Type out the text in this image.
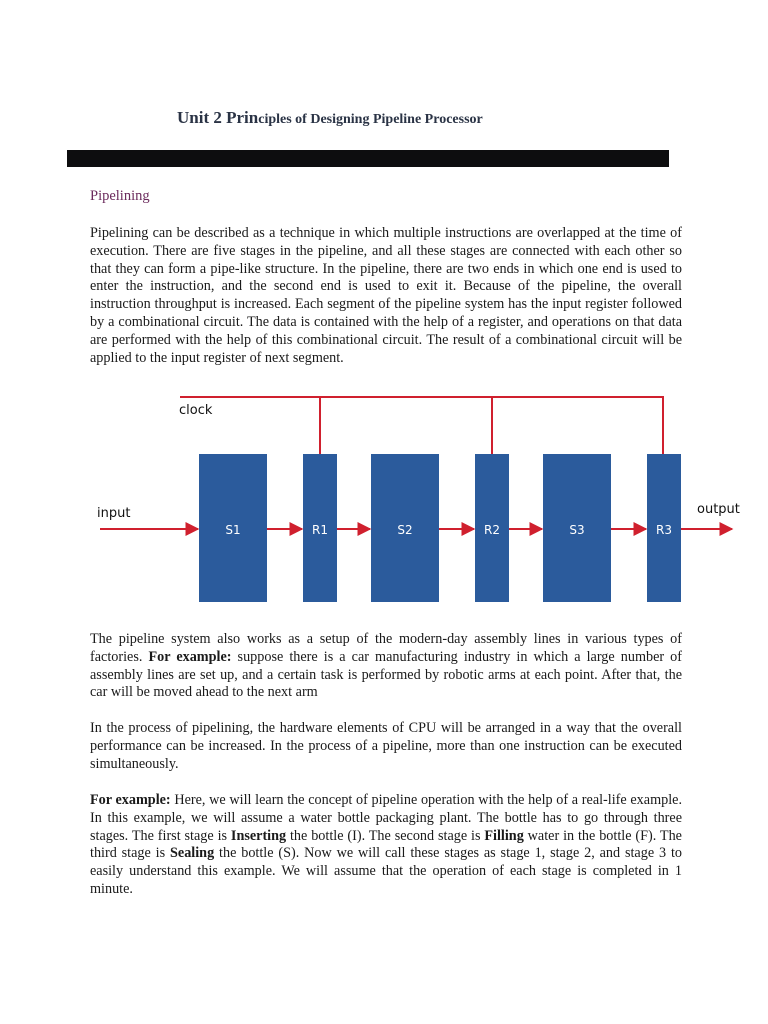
Unit 2 Principles of Designing Pipeline Processor
Pipelining

Pipelining can be described as a technique in which multiple instructions are overlapped at the time of execution. There are five stages in the pipeline, and all these stages are connected with each other so that they can form a pipe-like structure. In the pipeline, there are two ends in which one end is used to enter the instruction, and the second end is used to exit it. Because of the pipeline, the overall instruction throughput is increased. Each segment of the pipeline system has the input register followed by a combinational circuit. The data is contained with the help of a register, and operations on that data are performed with the help of this combinational circuit. The result of a combinational circuit will be applied to the input register of next segment.

clock
S1	R1	S2	R2	S3	R3
input	output

The pipeline system also works as a setup of the modern-day assembly lines in various types of factories. For example: suppose there is a car manufacturing industry in which a large number of assembly lines are set up, and a certain task is performed by robotic arms at each point. After that, the car will be moved ahead to the next arm

In the process of pipelining, the hardware elements of CPU will be arranged in a way that the overall performance can be increased. In the process of a pipeline, more than one instruction can be executed simultaneously.

For example: Here, we will learn the concept of pipeline operation with the help of a real-life example. In this example, we will assume a water bottle packaging plant. The bottle has to go through three stages. The first stage is Inserting the bottle (I). The second stage is Filling water in the bottle (F). The third stage is Sealing the bottle (S). Now we will call these stages as stage 1, stage 2, and stage 3 to easily understand this example. We will assume that the operation of each stage is completed in 1 minute.
